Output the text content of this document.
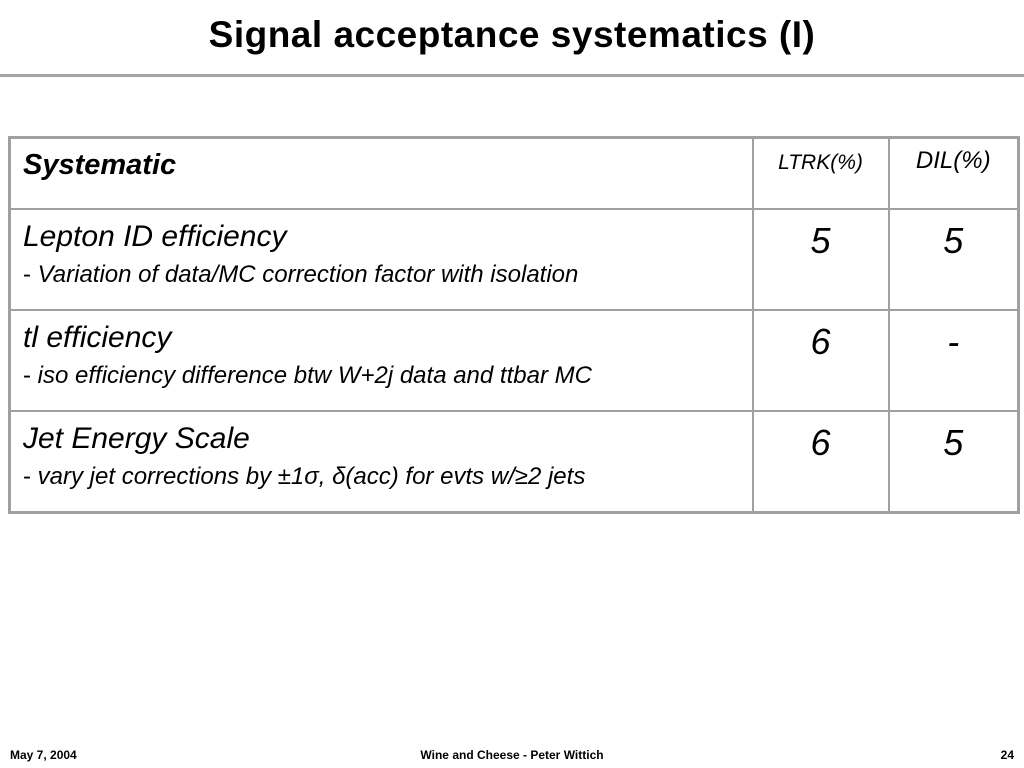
Signal acceptance systematics (I)
Systematic	LTRK(%)	DIL(%)

Lepton ID efficiency
- Variation of data/MC correction factor with isolation	5	5

tl efficiency
- iso efficiency difference btw W+2j data and ttbar MC	6	-

Jet Energy Scale
- vary jet corrections by ±1σ, δ(acc) for evts w/≥2 jets	6	5
May 7, 2004	Wine and Cheese - Peter Wittich	24
